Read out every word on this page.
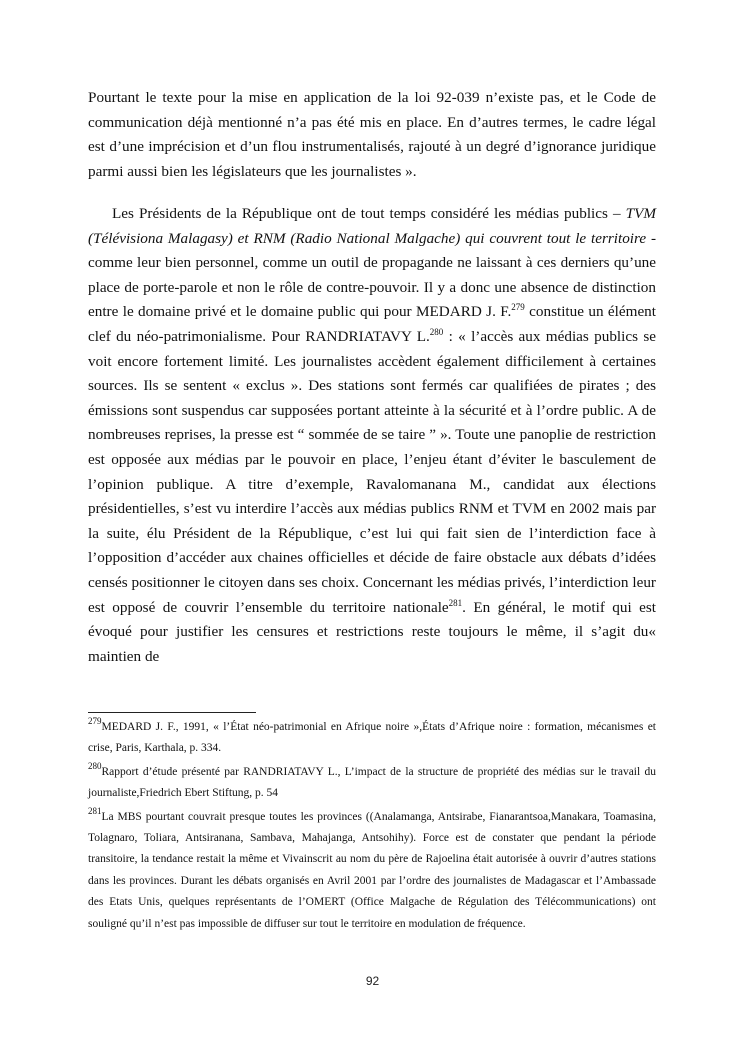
Pourtant le texte pour la mise en application de la loi 92-039 n’existe pas, et le Code de communication déjà mentionné n’a pas été mis en place. En d’autres termes, le cadre légal est d’une imprécision et d’un flou instrumentalisés, rajouté à un degré d’ignorance juridique parmi aussi bien les législateurs que les journalistes ».

Les Présidents de la République ont de tout temps considéré les médias publics – TVM (Télévisiona Malagasy) et RNM (Radio National Malgache) qui couvrent tout le territoire - comme leur bien personnel, comme un outil de propagande ne laissant à ces derniers qu’une place de porte-parole et non le rôle de contre-pouvoir. Il y a donc une absence de distinction entre le domaine privé et le domaine public qui pour MEDARD J. F.$^{279}$ constitue un élément clef du néo-patrimonialisme. Pour RANDRIATAVY L.$^{280}$ : « l’accès aux médias publics se voit encore fortement limité. Les journalistes accèdent également difficilement à certaines sources. Ils se sentent « exclus ». Des stations sont fermés car qualifiées de pirates ; des émissions sont suspendus car supposées portant atteinte à la sécurité et à l’ordre public. A de nombreuses reprises, la presse est “ sommée de se taire ” ». Toute une panoplie de restriction est opposée aux médias par le pouvoir en place, l’enjeu étant d’éviter le basculement de l’opinion publique. A titre d’exemple, Ravalomanana M., candidat aux élections présidentielles, s’est vu interdire l’accès aux médias publics RNM et TVM en 2002 mais par la suite, élu Président de la République, c’est lui qui fait sien de l’interdiction face à l’opposition d’accéder aux chaines officielles et décide de faire obstacle aux débats d’idées censés positionner le citoyen dans ses choix. Concernant les médias privés, l’interdiction leur est opposé de couvrir l’ensemble du territoire nationale$^{281}$. En général, le motif qui est évoqué pour justifier les censures et restrictions reste toujours le même, il s’agit du« maintien de

$^{279}$MEDARD J. F., 1991, « l’État néo-patrimonial en Afrique noire »,États d’Afrique noire : formation, mécanismes et crise, Paris, Karthala, p. 334.

$^{280}$Rapport d’étude présenté par RANDRIATAVY L., L’impact de la structure de propriété des médias sur le travail du journaliste,Friedrich Ebert Stiftung, p. 54

$^{281}$La MBS pourtant couvrait presque toutes les provinces ((Analamanga, Antsirabe, Fianarantsoa,Manakara, Toamasina, Tolagnaro, Toliara, Antsiranana, Sambava, Mahajanga, Antsohihy). Force est de constater que pendant la période transitoire, la tendance restait la même et Vivainscrit au nom du père de Rajoelina était autorisée à ouvrir d’autres stations dans les provinces. Durant les débats organisés en Avril 2001 par l’ordre des journalistes de Madagascar et l’Ambassade des Etats Unis, quelques représentants de l’OMERT (Office Malgache de Régulation des Télécommunications) ont souligné qu’il n’est pas impossible de diffuser sur tout le territoire en modulation de fréquence.

92
